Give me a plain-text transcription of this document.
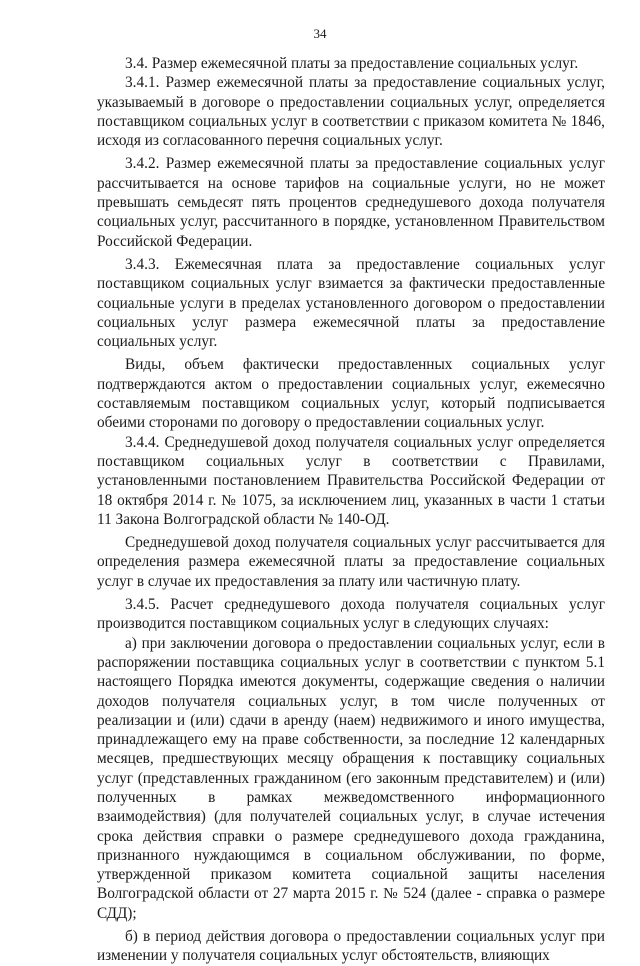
34

3.4. Размер ежемесячной платы за предоставление социальных услуг.

3.4.1. Размер ежемесячной платы за предоставление социальных услуг, указываемый в договоре о предоставлении социальных услуг, определяется поставщиком социальных услуг в соответствии с приказом комитета № 1846, исходя из согласованного перечня социальных услуг.

3.4.2. Размер ежемесячной платы за предоставление социальных услуг рассчитывается на основе тарифов на социальные услуги, но не может превышать семьдесят пять процентов среднедушевого дохода получателя социальных услуг, рассчитанного в порядке, установленном Правительством Российской Федерации.

3.4.3. Ежемесячная плата за предоставление социальных услуг поставщиком социальных услуг взимается за фактически предоставленные социальные услуги в пределах установленного договором о предоставлении социальных услуг размера ежемесячной платы за предоставление социальных услуг.

Виды, объем фактически предоставленных социальных услуг подтверждаются актом о предоставлении социальных услуг, ежемесячно составляемым поставщиком социальных услуг, который подписывается обеими сторонами по договору о предоставлении социальных услуг.

3.4.4. Среднедушевой доход получателя социальных услуг определяется поставщиком социальных услуг в соответствии с Правилами, установленными постановлением Правительства Российской Федерации от 18 октября 2014 г. № 1075, за исключением лиц, указанных в части 1 статьи 11 Закона Волгоградской области № 140-ОД.

Среднедушевой доход получателя социальных услуг рассчитывается для определения размера ежемесячной платы за предоставление социальных услуг в случае их предоставления за плату или частичную плату.

3.4.5. Расчет среднедушевого дохода получателя социальных услуг производится поставщиком социальных услуг в следующих случаях:

а) при заключении договора о предоставлении социальных услуг, если в распоряжении поставщика социальных услуг в соответствии с пунктом 5.1 настоящего Порядка имеются документы, содержащие сведения о наличии доходов получателя социальных услуг, в том числе полученных от реализации и (или) сдачи в аренду (наем) недвижимого и иного имущества, принадлежащего ему на праве собственности, за последние 12 календарных месяцев, предшествующих месяцу обращения к поставщику социальных услуг (представленных гражданином (его законным представителем) и (или) полученных в рамках межведомственного информационного взаимодействия) (для получателей социальных услуг, в случае истечения срока действия справки о размере среднедушевого дохода гражданина, признанного нуждающимся в социальном обслуживании, по форме, утвержденной приказом комитета социальной защиты населения Волгоградской области от 27 марта 2015 г. № 524 (далее - справка о размере СДД);

б) в период действия договора о предоставлении социальных услуг при изменении у получателя социальных услуг обстоятельств, влияющих
